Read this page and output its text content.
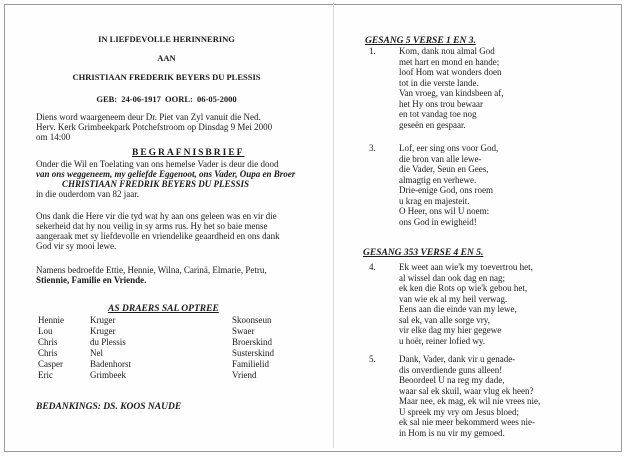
IN LIEFDEVOLLE HERINNERING
AAN
CHRISTIAAN FREDERIK BEYERS DU PLESSIS
GEB: 24-06-1917 OORL: 06-05-2000
Diens word waargeneem deur Dr. Piet van Zyl vanuit die Ned.
Herv. Kerk Grimbeekpark Potchefstroom op Dinsdag 9 Mei 2000
om 14:00
BEGRAFNISBRIEF
Onder die Wil en Toelating van ons hemelse Vader is deur die dood
van ons weggeneem, my geliefde Eggenoot, ons Vader, Oupa en Broer
CHRISTIAAN FREDRIK BEYERS DU PLESSIS
in die ouderdom van 82 jaar.
Ons dank die Here vir die tyd wat hy aan ons geleen was en vir die
sekerheid dat hy nou veilig in sy arms rus. Hy het so baie mense
aangeraak met sy liefdevolle en vriendelike geaardheid en ons dank
God vir sy mooi lewe.
Namens bedroefde Ettie, Hennie, Wilna, Carinä, Elmarie, Petru,
Stiennie, Familie en Vriende.
AS DRAERS SAL OPTREE
Hennie	Kruger	Skoonseun
Lou	Kruger	Swaer
Chris	du Plessis	Broerskind
Chris	Nel	Susterskind
Casper	Badenhorst	Familielid
Eric	Grimbeek	Vriend
BEDANKINGS: DS. KOOS NAUDE
GESANG 5 VERSE 1 EN 3.
1.	Kom, dank nou almal God
met hart en mond en hande;
loof Hom wat wonders doen
tot in die verste lande.
Van vroeg, van kindsbeen af,
het Hy ons trou bewaar
en tot vandag toe nog
geseën en gespaar.
3.	Lof, eer sing ons voor God,
die bron van alle lewe-
die Vader, Seun en Gees,
almagtig en verhewe.
Drie-enige God, ons roem
u krag en majesteit.
O Heer, ons wil U noem:
ons God in ewigheid!
GESANG 353 VERSE 4 EN 5.
4.	Ek weet aan wie'k my toevertrou het,
al wissel dan ook dag en nag;
ek ken die Rots op wie'k gebou het,
van wie ek al my heil verwag.
Eens aan die einde van my lewe,
sal ek, van alle sorge vry,
vir elke dag my hier gegewe
u hoër, reiner lofied wy.
5.	Dank, Vader, dank vir u genade-
dis onverdiende guns alleen!
Beoordeel U na reg my dade,
waar sal ek skuil, waar vlug ek heen?
Maar nee, ek mag, ek wil nie vrees nie,
U spreek my vry om Jesus bloed;
ek sal nie meer bekommerd wees nie-
in Hom is nu vir my gemoed.
